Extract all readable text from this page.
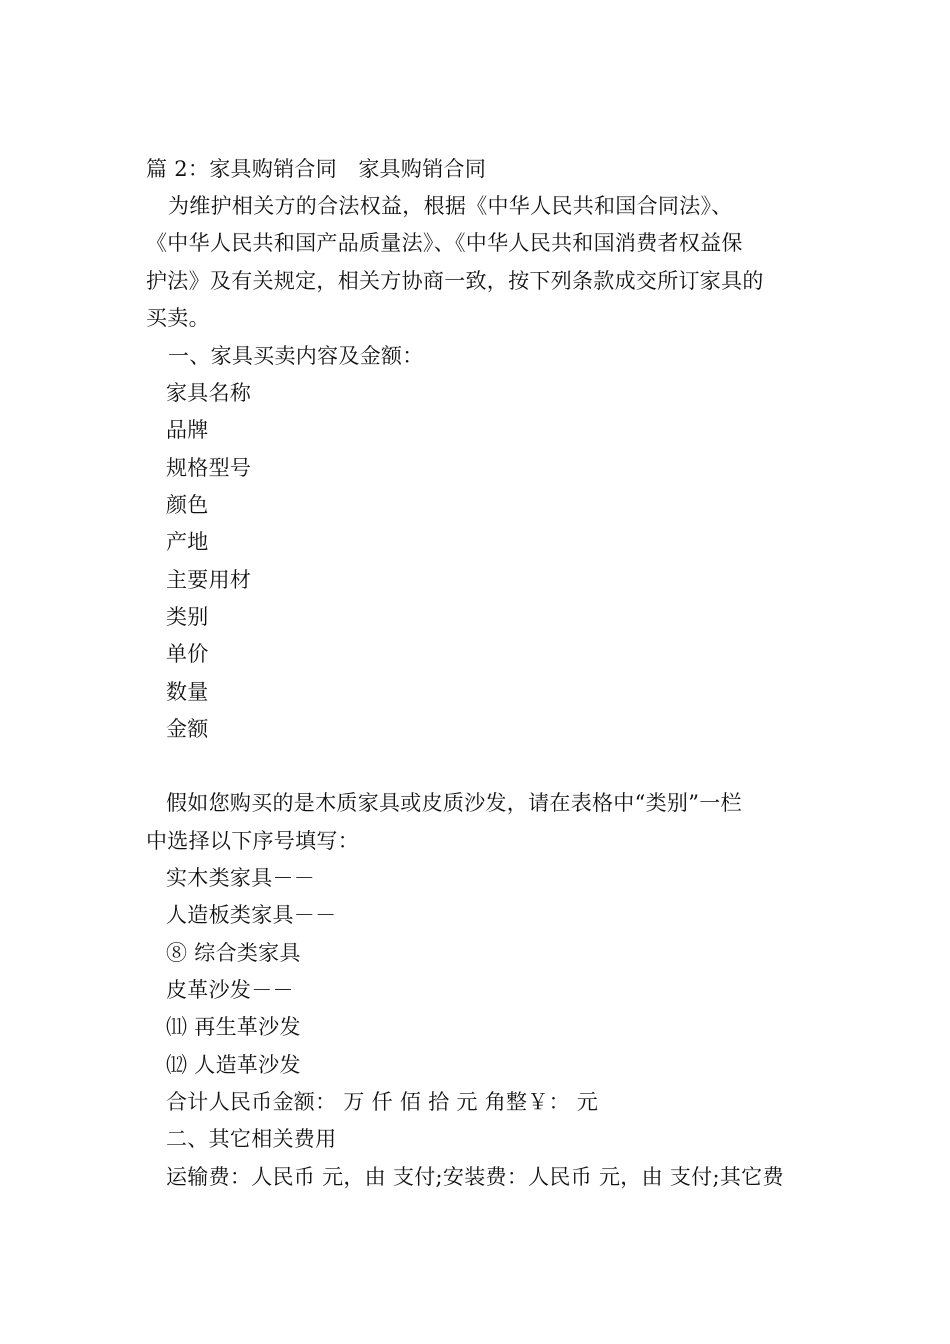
篇 2：家具购销合同　家具购销合同
为维护相关方的合法权益，根据《中华人民共和国合同法》、
《中华人民共和国产品质量法》、《中华人民共和国消费者权益保
护法》及有关规定，相关方协商一致，按下列条款成交所订家具的
买卖。
一、家具买卖内容及金额：
家具名称
品牌
规格型号
颜色
产地
主要用材
类别
单价
数量
金额
假如您购买的是木质家具或皮质沙发，请在表格中“类别”一栏
中选择以下序号填写：
实木类家具－－
人造板类家具－－
⑧ 综合类家具
皮革沙发－－
⑾ 再生革沙发
⑿ 人造革沙发
合计人民币金额： 万 仟 佰 拾 元 角整￥： 元
二、其它相关费用
运输费：人民币 元，由 支付;安装费：人民币 元，由 支付;其它费
